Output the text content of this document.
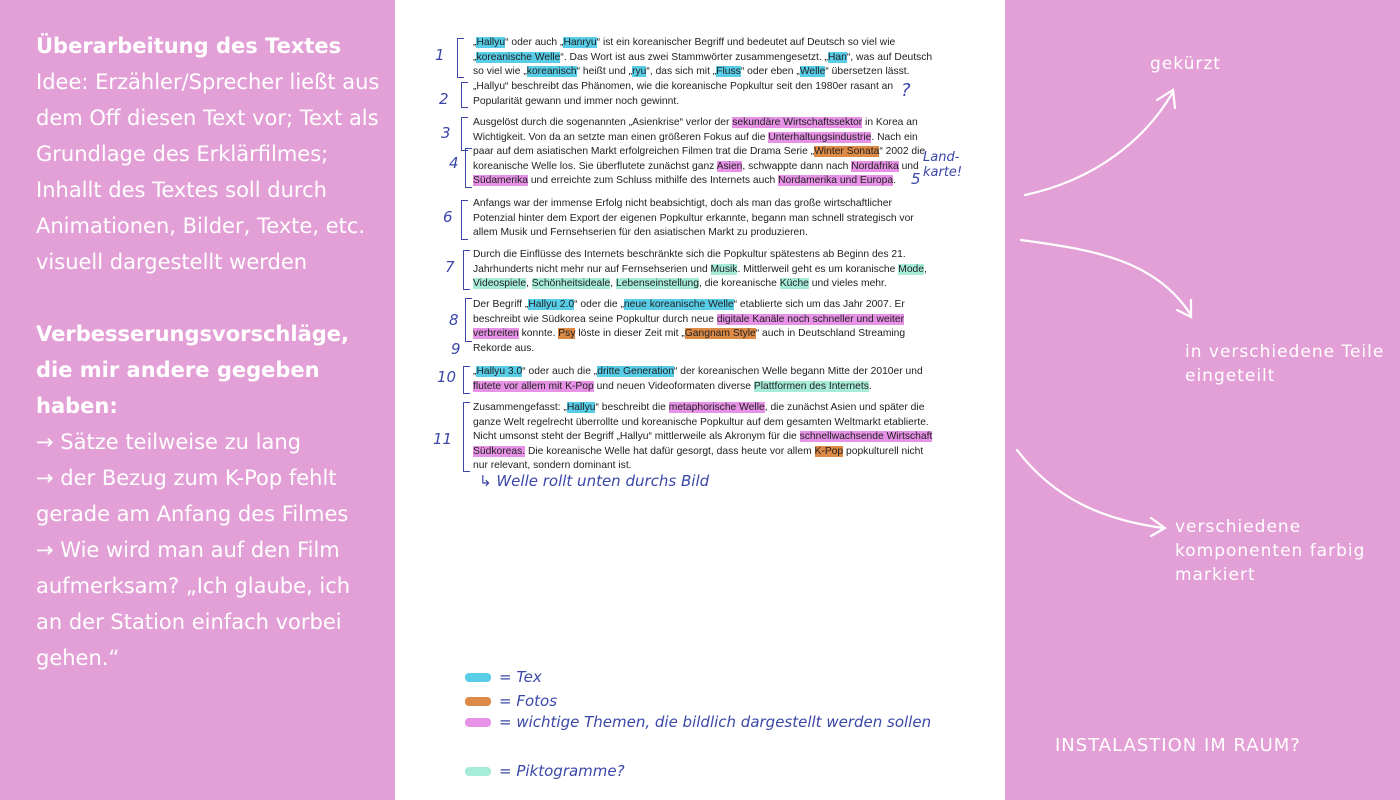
Überarbeitung des Textes

Idee: Erzähler/Sprecher ließt aus dem Off diesen Text vor; Text als Grundlage des Erklärfilmes; Inhallt des Textes soll durch Animationen, Bilder, Texte, etc. visuell dargestellt werden

Verbesserungsvorschläge, die mir andere gegeben haben:

→ Sätze teilweise zu lang

→ der Bezug zum K-Pop fehlt gerade am Anfang des Filmes

→ Wie wird man auf den Film aufmerksam? „Ich glaube, ich an der Station einfach vorbei gehen.“

„Hallyu“ oder auch „Hanryu“ ist ein koreanischer Begriff und bedeutet auf Deutsch so viel wie „koreanische Welle“. Das Wort ist aus zwei Stammwörter zusammengesetzt. „Han“, was auf Deutsch so viel wie „koreanisch“ heißt und „ryu“, das sich mit „Fluss“ oder eben „Welle“ übersetzen lässt.

„Hallyu“ beschreibt das Phänomen, wie die koreanische Popkultur seit den 1980er rasant an Popularität gewann und immer noch gewinnt.

Ausgelöst durch die sogenannten „Asienkrise“ verlor der sekundäre Wirtschaftssektor in Korea an Wichtigkeit. Von da an setzte man einen größeren Fokus auf die Unterhaltungsindustrie. Nach ein paar auf dem asiatischen Markt erfolgreichen Filmen trat die Drama Serie „Winter Sonata“ 2002 die koreanische Welle los. Sie überflutete zunächst ganz Asien, schwappte dann nach Nordafrika und Südamerika und erreichte zum Schluss mithilfe des Internets auch Nordamerika und Europa.

Anfangs war der immense Erfolg nicht beabsichtigt, doch als man das große wirtschaftlicher Potenzial hinter dem Export der eigenen Popkultur erkannte, begann man schnell strategisch vor allem Musik und Fernsehserien für den asiatischen Markt zu produzieren.

Durch die Einflüsse des Internets beschränkte sich die Popkultur spätestens ab Beginn des 21. Jahrhunderts nicht mehr nur auf Fernsehserien und Musik. Mittlerweil geht es um koranische Mode, Videospiele, Schönheitsideale, Lebenseinstellung, die koreanische Küche und vieles mehr.

Der Begriff „Hallyu 2.0“ oder die „neue koreanische Welle“ etablierte sich um das Jahr 2007. Er beschreibt wie Südkorea seine Popkultur durch neue digitale Kanäle noch schneller und weiter verbreiten konnte. Psy löste in dieser Zeit mit „Gangnam Style“ auch in Deutschland Streaming Rekorde aus.

„Hallyu 3.0“ oder auch die „dritte Generation“ der koreanischen Welle begann Mitte der 2010er und flutete vor allem mit K-Pop und neuen Videoformaten diverse Plattformen des Internets.

Zusammengefasst: „Hallyu“ beschreibt die metaphorische Welle, die zunächst Asien und später die ganze Welt regelrecht überrollte und koreanische Popkultur auf dem gesamten Weltmarkt etablierte. Nicht umsonst steht der Begriff „Hallyu“ mittlerweile als Akronym für die schnellwachsende Wirtschaft Südkoreas. Die koreanische Welle hat dafür gesorgt, dass heute vor allem K-Pop popkulturell nicht nur relevant, sondern dominant ist.

1
2
3
4
5
6
7
8
9
10
11
?
Land-karte!
↳ Welle rollt unten durchs Bild
= Tex
= Fotos
= wichtige Themen, die bildlich dargestellt werden sollen
= Piktogramme?
gekürzt
in verschiedene Teile eingeteilt
verschiedene komponenten farbig markiert
INSTALASTION IM RAUM?
